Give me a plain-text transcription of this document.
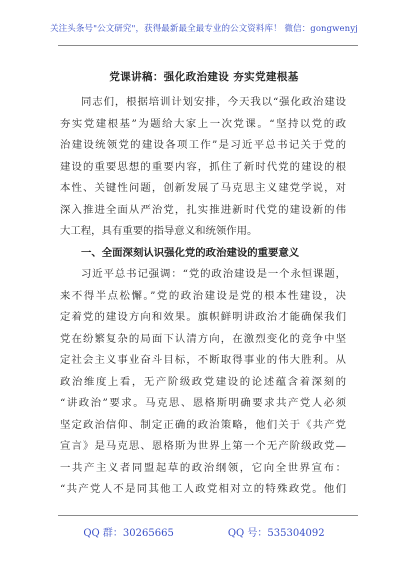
关注头条号"公文研究"，获得最新最全最专业的公文资料库！ 微信：gongwenyj
党课讲稿：强化政治建设 夯实党建根基
同志们，根据培训计划安排，今天我以“强化政治建设
夯实党建根基”为题给大家上一次党课。“坚持以党的政
治建设统领党的建设各项工作”是习近平总书记关于党的
建设的重要思想的重要内容，抓住了新时代党的建设的根
本性、关键性问题，创新发展了马克思主义建党学说，对
深入推进全面从严治党，扎实推进新时代党的建设新的伟
大工程，具有重要的指导意义和统领作用。
一、全面深刻认识强化党的政治建设的重要意义
习近平总书记强调：“党的政治建设是一个永恒课题，
来不得半点松懈。”党的政治建设是党的根本性建设，决
定着党的建设方向和效果。旗帜鲜明讲政治才能确保我们
党在纷繁复杂的局面下认清方向，在激烈变化的竞争中坚
定社会主义事业奋斗目标，不断取得事业的伟大胜利。从
政治维度上看，无产阶级政党建设的论述蕴含着深刻的
“讲政治”要求。马克思、恩格斯明确要求共产党人必须
坚定政治信仰、制定正确的政治策略，他们关于《共产党
宣言》是马克思、恩格斯为世界上第一个无产阶级政党—
一共产主义者同盟起草的政治纲领，它向全世界宣布：
“共产党人不是同其他工人政党相对立的特殊政党。他们
QQ 群：30265665	QQ 号：535304092
